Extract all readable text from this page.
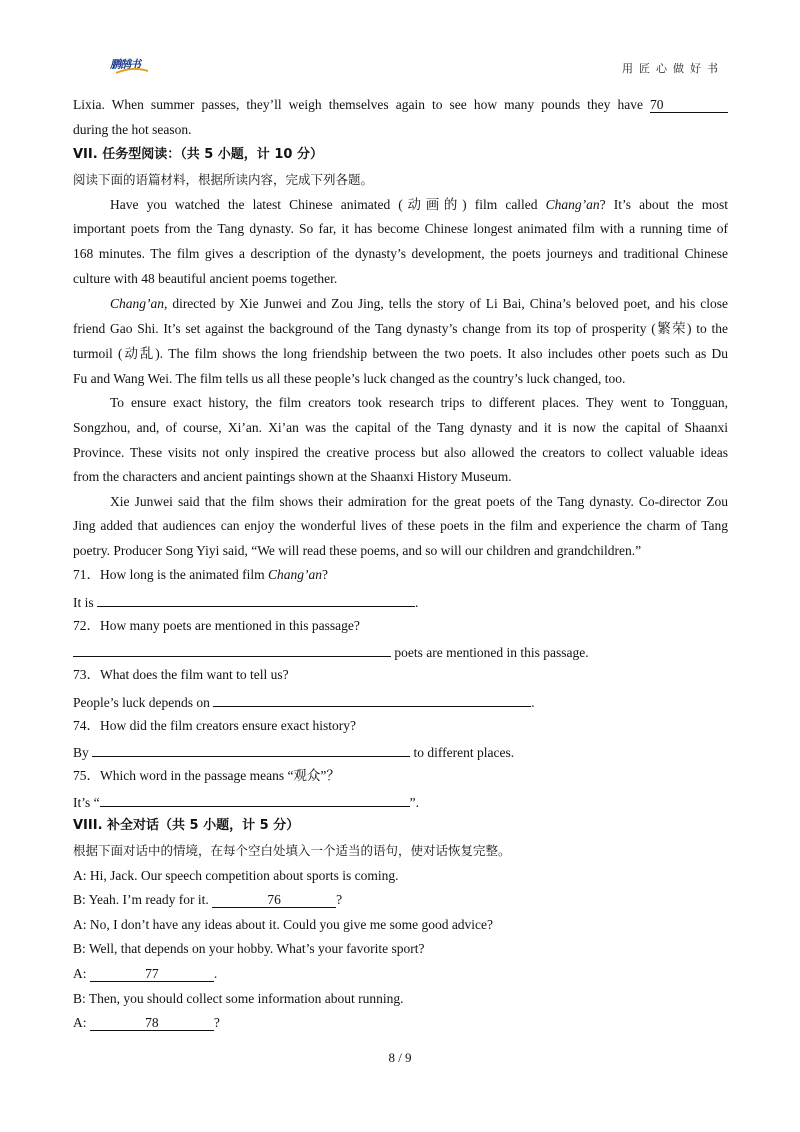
鹏鹄书	用匠心做好书
Lixia. When summer passes, they’ll weigh themselves again to see how many pounds they have 70
during the hot season.
VII. 任务型阅读：（共 5 小题，计 10 分）
阅读下面的语篇材料，根据所读内容，完成下列各题。
Have you watched the latest Chinese animated (动画的) film called Chang’an? It’s about the most
important poets from the Tang dynasty. So far, it has become Chinese longest animated film with a running time of
168 minutes. The film gives a description of the dynasty’s development, the poets journeys and traditional Chinese
culture with 48 beautiful ancient poems together.
Chang’an, directed by Xie Junwei and Zou Jing, tells the story of Li Bai, China’s beloved poet, and his close
friend Gao Shi. It’s set against the background of the Tang dynasty’s change from its top of prosperity (繁荣) to the
turmoil (动乱). The film shows the long friendship between the two poets. It also includes other poets such as Du
Fu and Wang Wei. The film tells us all these people’s luck changed as the country’s luck changed, too.
To ensure exact history, the film creators took research trips to different places. They went to Tongguan,
Songzhou, and, of course, Xi’an. Xi’an was the capital of the Tang dynasty and it is now the capital of Shaanxi
Province. These visits not only inspired the creative process but also allowed the creators to collect valuable ideas
from the characters and ancient paintings shown at the Shaanxi History Museum.
Xie Junwei said that the film shows their admiration for the great poets of the Tang dynasty. Co-director Zou
Jing added that audiences can enjoy the wonderful lives of these poets in the film and experience the charm of Tang
poetry. Producer Song Yiyi said, “We will read these poems, and so will our children and grandchildren.”
71．How long is the animated film Chang’an?
It is	.
72．How many poets are mentioned in this passage?
poets are mentioned in this passage.
73．What does the film want to tell us?
People’s luck depends on	.
74．How did the film creators ensure exact history?
By	to different places.
75．Which word in the passage means “观众”？
It’s “	”.
VIII. 补全对话（共 5 小题，计 5 分）
根据下面对话中的情境，在每个空白处填入一个适当的语句，使对话恢复完整。
A: Hi, Jack. Our speech competition about sports is coming.
B: Yeah. I’m ready for it.	76	?
A: No, I don’t have any ideas about it. Could you give me some good advice?
B: Well, that depends on your hobby. What’s your favorite sport?
A:	77	.
B: Then, you should collect some information about running.
A:	78	?
8 / 9
